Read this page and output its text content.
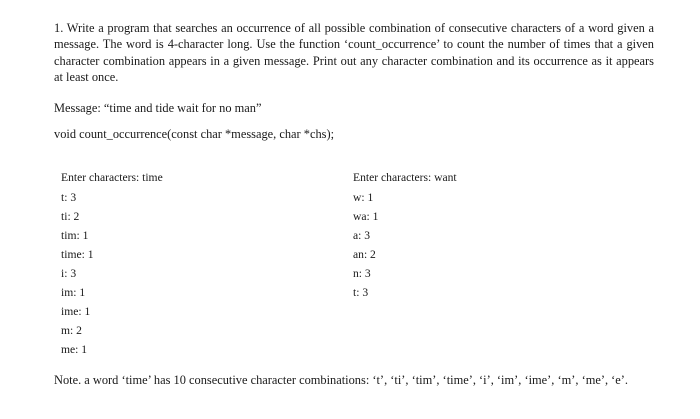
1. Write a program that searches an occurrence of all possible combination of consecutive characters of a word given a message. The word is 4-character long. Use the function ‘count_occurrence’ to count the number of times that a given character combination appears in a given message. Print out any character combination and its occurrence as it appears at least once.

Message: “time and tide wait for no man”

void count_occurrence(const char *message, char *chs);

Enter characters: time
t: 3
ti: 2
tim: 1
time: 1
i: 3
im: 1
ime: 1
m: 2
me: 1
Enter characters: want
w: 1
wa: 1
a: 3
an: 2
n: 3
t: 3

Note. a word ‘time’ has 10 consecutive character combinations: ‘t’, ‘ti’, ‘tim’, ‘time’, ‘i’, ‘im’, ‘ime’, ‘m’, ‘me’, ‘e’.
